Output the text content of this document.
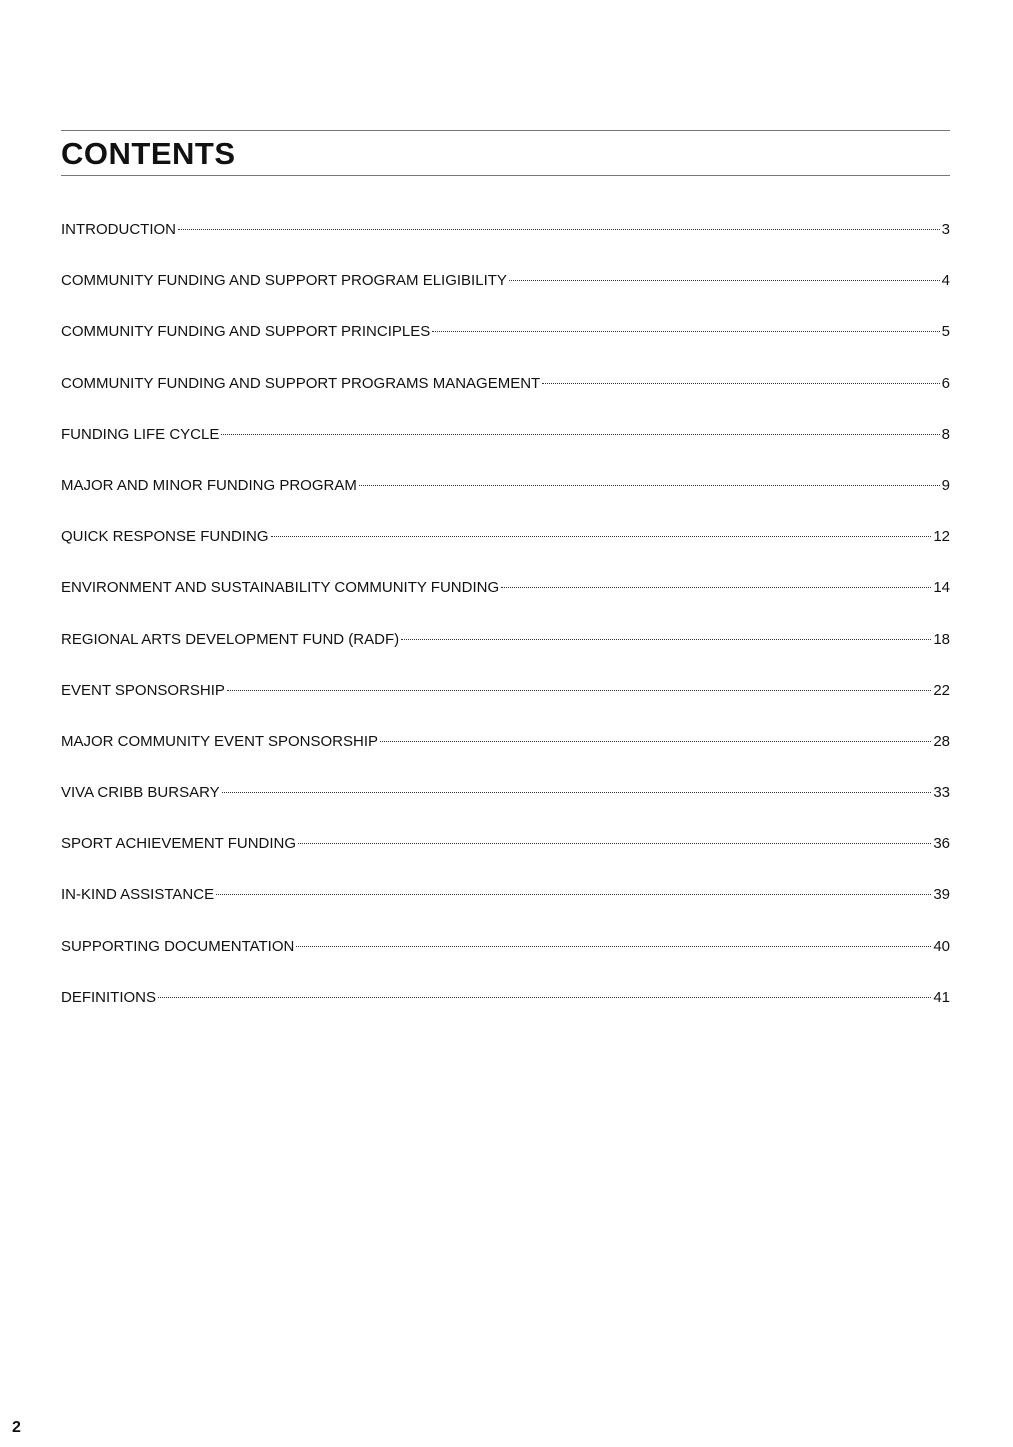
CONTENTS
INTRODUCTION	3
COMMUNITY FUNDING AND SUPPORT PROGRAM ELIGIBILITY	4
COMMUNITY FUNDING AND SUPPORT PRINCIPLES	5
COMMUNITY FUNDING AND SUPPORT PROGRAMS MANAGEMENT	6
FUNDING LIFE CYCLE	8
MAJOR AND MINOR FUNDING PROGRAM	9
QUICK RESPONSE FUNDING	12
ENVIRONMENT AND SUSTAINABILITY COMMUNITY FUNDING	14
REGIONAL ARTS DEVELOPMENT FUND (RADF)	18
EVENT SPONSORSHIP	22
MAJOR COMMUNITY EVENT SPONSORSHIP	28
VIVA CRIBB BURSARY	33
SPORT ACHIEVEMENT FUNDING	36
IN-KIND ASSISTANCE	39
SUPPORTING DOCUMENTATION	40
DEFINITIONS	41
2
